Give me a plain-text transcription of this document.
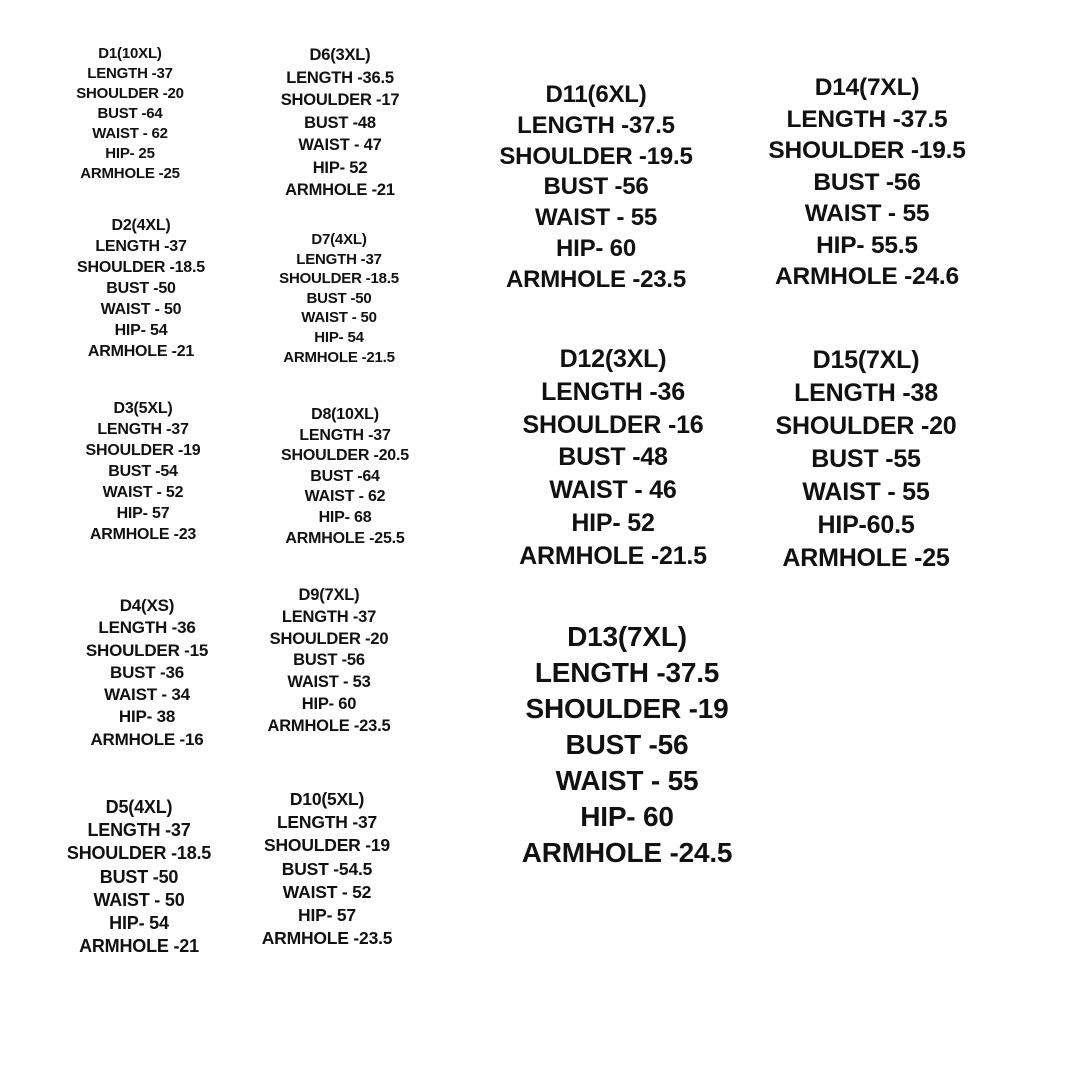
D1(10XL)
LENGTH -37
SHOULDER -20
BUST -64
WAIST - 62
HIP- 25
ARMHOLE -25
D2(4XL)
LENGTH -37
SHOULDER -18.5
BUST -50
WAIST - 50
HIP- 54
ARMHOLE -21
D3(5XL)
LENGTH -37
SHOULDER -19
BUST -54
WAIST - 52
HIP- 57
ARMHOLE -23
D4(XS)
LENGTH -36
SHOULDER -15
BUST -36
WAIST - 34
HIP- 38
ARMHOLE -16
D5(4XL)
LENGTH -37
SHOULDER -18.5
BUST -50
WAIST - 50
HIP- 54
ARMHOLE -21
D6(3XL)
LENGTH -36.5
SHOULDER -17
BUST -48
WAIST - 47
HIP- 52
ARMHOLE -21
D7(4XL)
LENGTH -37
SHOULDER -18.5
BUST -50
WAIST - 50
HIP- 54
ARMHOLE -21.5
D8(10XL)
LENGTH -37
SHOULDER -20.5
BUST -64
WAIST - 62
HIP- 68
ARMHOLE -25.5
D9(7XL)
LENGTH -37
SHOULDER -20
BUST -56
WAIST - 53
HIP- 60
ARMHOLE -23.5
D10(5XL)
LENGTH -37
SHOULDER -19
BUST -54.5
WAIST - 52
HIP- 57
ARMHOLE -23.5
D11(6XL)
LENGTH -37.5
SHOULDER -19.5
BUST -56
WAIST - 55
HIP- 60
ARMHOLE -23.5
D12(3XL)
LENGTH -36
SHOULDER -16
BUST -48
WAIST - 46
HIP- 52
ARMHOLE -21.5
D13(7XL)
LENGTH -37.5
SHOULDER -19
BUST -56
WAIST - 55
HIP- 60
ARMHOLE -24.5
D14(7XL)
LENGTH -37.5
SHOULDER -19.5
BUST -56
WAIST - 55
HIP- 55.5
ARMHOLE -24.6
D15(7XL)
LENGTH -38
SHOULDER -20
BUST -55
WAIST - 55
HIP-60.5
ARMHOLE -25
